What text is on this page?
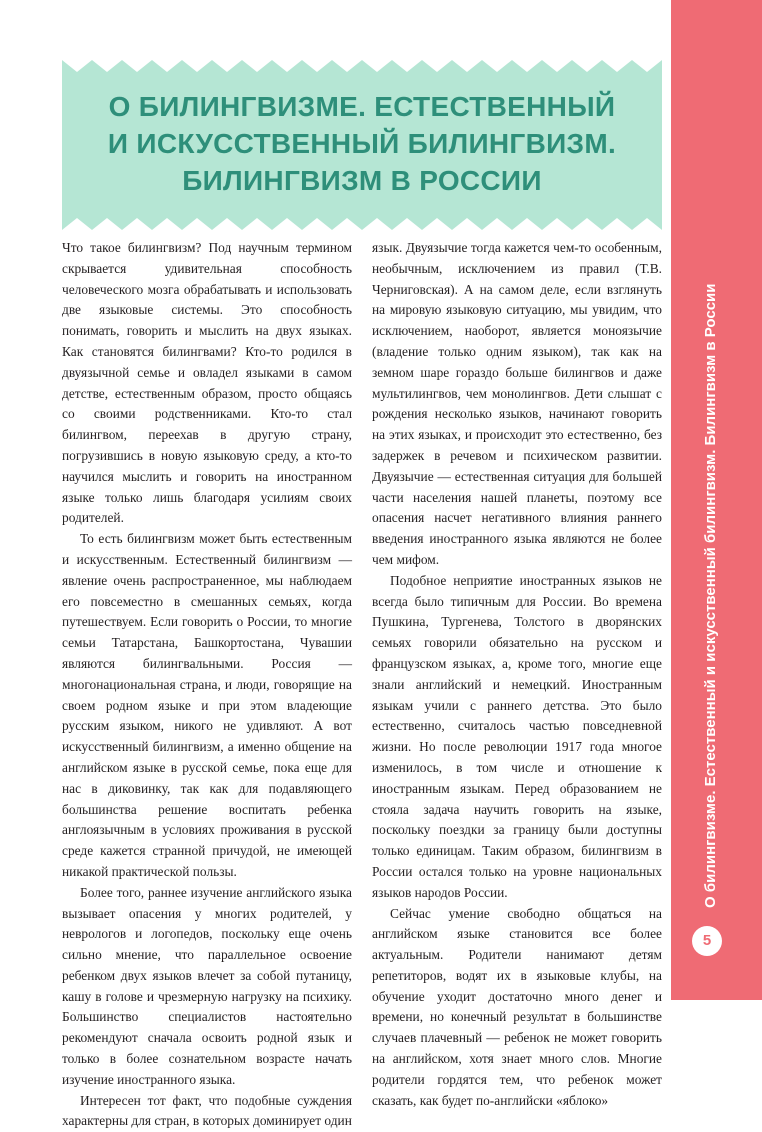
О БИЛИНГВИЗМЕ. ЕСТЕСТВЕННЫЙ
И ИСКУССТВЕННЫЙ БИЛИНГВИЗМ.
БИЛИНГВИЗМ В РОССИИ

Что такое билингвизм? Под научным термином скрывается удивительная способность человеческого мозга обрабатывать и использовать две языковые системы. Это способность понимать, говорить и мыслить на двух языках. Как становятся билингвами? Кто-то родился в двуязычной семье и овладел языками в самом детстве, естественным образом, просто общаясь со своими родственниками. Кто-то стал билингвом, переехав в другую страну, погрузившись в новую языковую среду, а кто-то научился мыслить и говорить на иностранном языке только лишь благодаря усилиям своих родителей.

То есть билингвизм может быть естественным и искусственным. Естественный билингвизм — явление очень распространенное, мы наблюдаем его повсеместно в смешанных семьях, когда путешествуем. Если говорить о России, то многие семьи Татарстана, Башкортостана, Чувашии являются билингвальными. Россия — многонациональная страна, и люди, говорящие на своем родном языке и при этом владеющие русским языком, никого не удивляют. А вот искусственный билингвизм, а именно общение на английском языке в русской семье, пока еще для нас в диковинку, так как для подавляющего большинства решение воспитать ребенка англоязычным в условиях проживания в русской среде кажется странной причудой, не имеющей никакой практической пользы.

Более того, раннее изучение английского языка вызывает опасения у многих родителей, у неврологов и логопедов, поскольку еще очень сильно мнение, что параллельное освоение ребенком двух языков влечет за собой путаницу, кашу в голове и чрезмерную нагрузку на психику. Большинство специалистов настоятельно рекомендуют сначала освоить родной язык и только в более сознательном возрасте начать изучение иностранного языка.

Интересен тот факт, что подобные суждения характерны для стран, в которых доминирует один

язык. Двуязычие тогда кажется чем-то особенным, необычным, исключением из правил (Т.В. Черниговская). А на самом деле, если взглянуть на мировую языковую ситуацию, мы увидим, что исключением, наоборот, является моноязычие (владение только одним языком), так как на земном шаре гораздо больше билингвов и даже мультилингвов, чем монолингвов. Дети слышат с рождения несколько языков, начинают говорить на этих языках, и происходит это естественно, без задержек в речевом и психическом развитии. Двуязычие — естественная ситуация для большей части населения нашей планеты, поэтому все опасения насчет негативного влияния раннего введения иностранного языка являются не более чем мифом.

Подобное неприятие иностранных языков не всегда было типичным для России. Во времена Пушкина, Тургенева, Толстого в дворянских семьях говорили обязательно на русском и французском языках, а, кроме того, многие еще знали английский и немецкий. Иностранным языкам учили с раннего детства. Это было естественно, считалось частью повседневной жизни. Но после революции 1917 года многое изменилось, в том числе и отношение к иностранным языкам. Перед образованием не стояла задача научить говорить на языке, поскольку поездки за границу были доступны только единицам. Таким образом, билингвизм в России остался только на уровне национальных языков народов России.

Сейчас умение свободно общаться на английском языке становится все более актуальным. Родители нанимают детям репетиторов, водят их в языковые клубы, на обучение уходит достаточно много денег и времени, но конечный результат в большинстве случаев плачевный — ребенок не может говорить на английском, хотя знает много слов. Многие родители гордятся тем, что ребенок может сказать, как будет по-английски «яблоко»

О билингвизме. Естественный и искусственный билингвизм. Билингвизм в России
5
